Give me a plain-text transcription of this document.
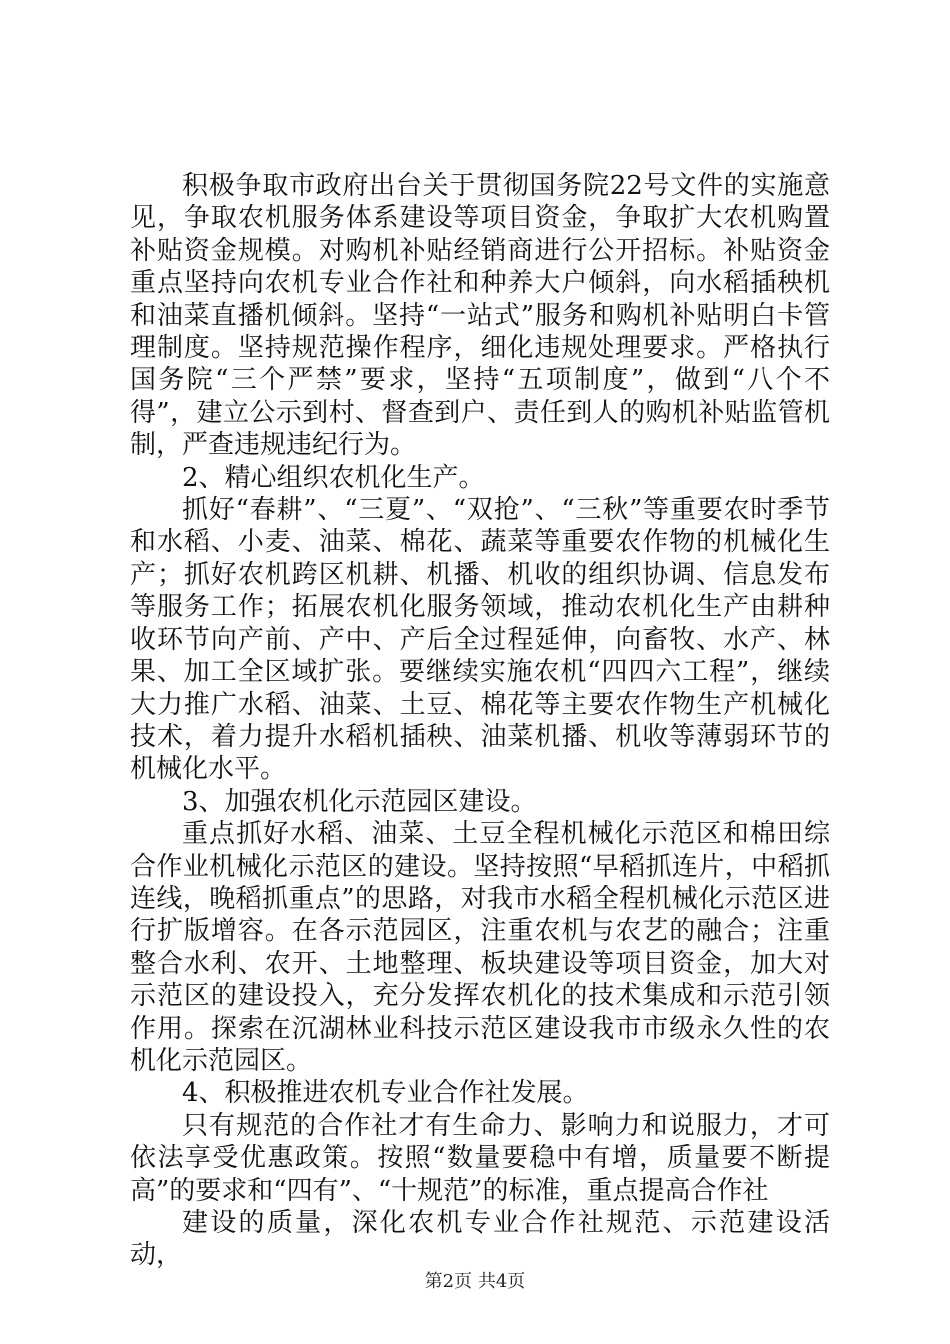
积极争取市政府出台关于贯彻国务院22号文件的实施意见，争取农机服务体系建设等项目资金，争取扩大农机购置补贴资金规模。对购机补贴经销商进行公开招标。补贴资金重点坚持向农机专业合作社和种养大户倾斜，向水稻插秧机和油菜直播机倾斜。坚持“一站式”服务和购机补贴明白卡管理制度。坚持规范操作程序，细化违规处理要求。严格执行国务院“三个严禁”要求，坚持“五项制度”，做到“八个不得”，建立公示到村、督查到户、责任到人的购机补贴监管机制，严查违规违纪行为。

2、精心组织农机化生产。

抓好“春耕”、“三夏”、“双抢”、“三秋”等重要农时季节和水稻、小麦、油菜、棉花、蔬菜等重要农作物的机械化生产；抓好农机跨区机耕、机播、机收的组织协调、信息发布等服务工作；拓展农机化服务领域，推动农机化生产由耕种收环节向产前、产中、产后全过程延伸，向畜牧、水产、林果、加工全区域扩张。要继续实施农机“四四六工程”，继续大力推广水稻、油菜、土豆、棉花等主要农作物生产机械化技术，着力提升水稻机插秧、油菜机播、机收等薄弱环节的机械化水平。

3、加强农机化示范园区建设。

重点抓好水稻、油菜、土豆全程机械化示范区和棉田综合作业机械化示范区的建设。坚持按照“早稻抓连片，中稻抓连线，晚稻抓重点”的思路，对我市水稻全程机械化示范区进行扩版增容。在各示范园区，注重农机与农艺的融合；注重整合水利、农开、土地整理、板块建设等项目资金，加大对示范区的建设投入，充分发挥农机化的技术集成和示范引领作用。探索在沉湖林业科技示范区建设我市市级永久性的农机化示范园区。

4、积极推进农机专业合作社发展。

只有规范的合作社才有生命力、影响力和说服力，才可依法享受优惠政策。按照“数量要稳中有增，质量要不断提高”的要求和“四有”、“十规范”的标准，重点提高合作社

建设的质量，深化农机专业合作社规范、示范建设活动，

第2页 共4页
